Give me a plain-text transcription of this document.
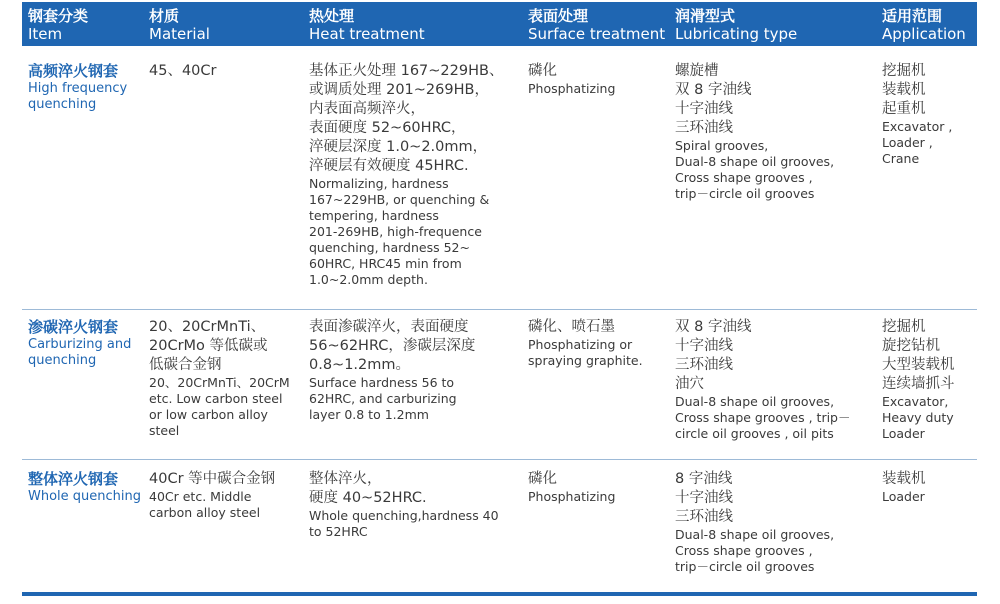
钢套分类
Item
材质
Material
热处理
Heat treatment
表面处理
Surface treatment
润滑型式
Lubricating type
适用范围
Application
高频淬火钢套
High frequency
quenching
45、40Cr	基体正火处理 167~229HB、
或调质处理 201~269HB，
内表面高频淬火，
表面硬度 52~60HRC，
淬硬层深度 1.0~2.0mm，
淬硬层有效硬度 45HRC.
Normalizing, hardness
167~229HB, or quenching &
tempering, hardness
201-269HB, high-frequence
quenching, hardness 52~
60HRC, HRC45 min from
1.0~2.0mm depth.
磷化
Phosphatizing
螺旋槽
双 8 字油线
十字油线
三环油线
Spiral grooves,
Dual-8 shape oil grooves,
Cross shape grooves ,
trip－circle oil grooves
挖掘机
装载机
起重机
Excavator ,
Loader ,
Crane
渗碳淬火钢套
Carburizing and
quenching
20、20CrMnTi、
20CrMo 等低碳或
低碳合金钢
20、20CrMnTi、20CrM
etc. Low carbon steel
or low carbon alloy
steel
表面渗碳淬火，表面硬度
56~62HRC，渗碳层深度
0.8~1.2mm。
Surface hardness 56 to
62HRC, and carburizing
layer 0.8 to 1.2mm
磷化、喷石墨
Phosphatizing or
spraying graphite.
双 8 字油线
十字油线
三环油线
油穴
Dual-8 shape oil grooves,
Cross shape grooves , trip－
circle oil grooves , oil pits
挖掘机
旋挖钻机
大型装载机
连续墙抓斗
Excavator,
Heavy duty
Loader
整体淬火钢套
Whole quenching
40Cr 等中碳合金钢
40Cr etc. Middle
carbon alloy steel
整体淬火，
硬度 40~52HRC.
Whole quenching,hardness 40
to 52HRC
磷化
Phosphatizing
8 字油线
十字油线
三环油线
Dual-8 shape oil grooves,
Cross shape grooves ,
trip－circle oil grooves
装载机
Loader
